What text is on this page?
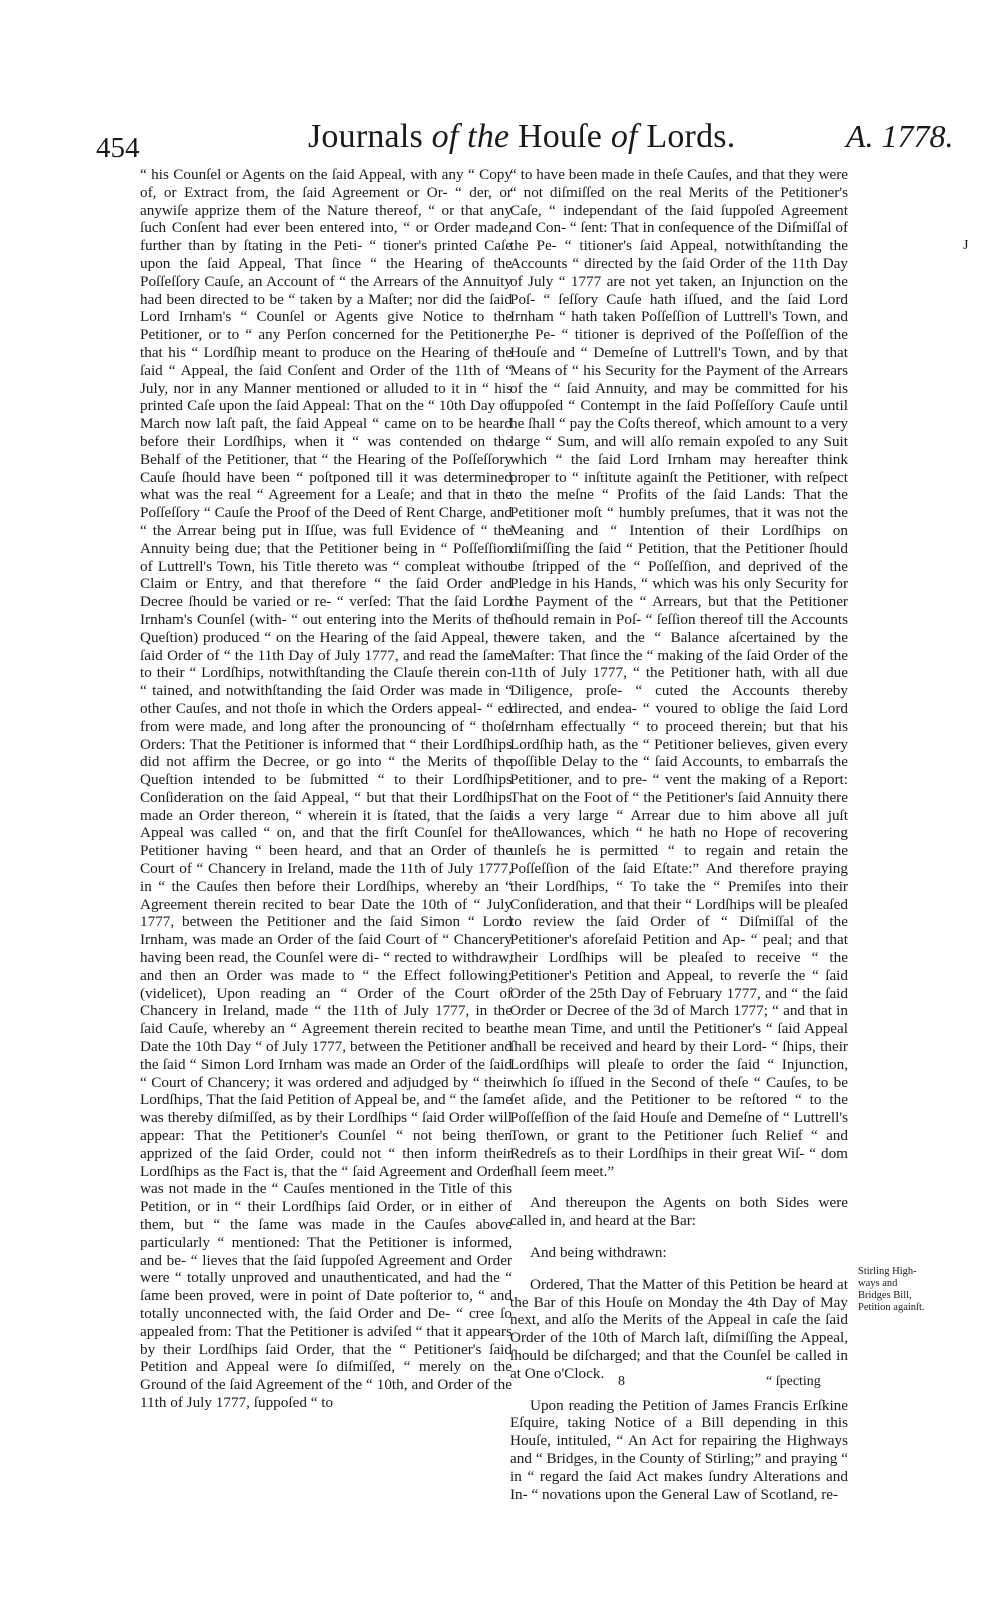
454	Journals of the Houſe of Lords.	A. 1778.
J

“ his Counſel or Agents on the ſaid Appeal, with any “ Copy of, or Extract from, the ſaid Agreement or Or- “ der, or anywiſe apprize them of the Nature thereof, “ or that any ſuch Conſent had ever been entered into, “ or Order made, further than by ſtating in the Peti- “ tioner's printed Caſe upon the ſaid Appeal, That ſince “ the Hearing of the Poſſeſſory Cauſe, an Account of “ the Arrears of the Annuity had been directed to be “ taken by a Maſter; nor did the ſaid Lord Irnham's “ Counſel or Agents give Notice to the Petitioner, or to “ any Perſon concerned for the Petitioner, that his “ Lordſhip meant to produce on the Hearing of the ſaid “ Appeal, the ſaid Conſent and Order of the 11th of “ July, nor in any Manner mentioned or alluded to it in “ his printed Caſe upon the ſaid Appeal: That on the “ 10th Day of March now laſt paſt, the ſaid Appeal “ came on to be heard before their Lordſhips, when it “ was contended on the Behalf of the Petitioner, that “ the Hearing of the Poſſeſſory Cauſe ſhould have been “ poſtponed till it was determined what was the real “ Agreement for a Leaſe; and that in the Poſſeſſory “ Cauſe the Proof of the Deed of Rent Charge, and “ the Arrear being put in Iſſue, was full Evidence of “ the Annuity being due; that the Petitioner being in “ Poſſeſſion of Luttrell's Town, his Title thereto was “ compleat without Claim or Entry, and that therefore “ the ſaid Order and Decree ſhould be varied or re- “ verſed: That the ſaid Lord Irnham's Counſel (with- “ out entering into the Merits of the Queſtion) produced “ on the Hearing of the ſaid Appeal, the ſaid Order of “ the 11th Day of July 1777, and read the ſame to their “ Lordſhips, notwithſtanding the Clauſe therein con- “ tained, and notwithſtanding the ſaid Order was made in “ other Cauſes, and not thoſe in which the Orders appeal- “ ed from were made, and long after the pronouncing of “ thoſe Orders: That the Petitioner is informed that “ their Lordſhips did not affirm the Decree, or go into “ the Merits of the Queſtion intended to be ſubmitted “ to their Lordſhips Conſideration on the ſaid Appeal, “ but that their Lordſhips made an Order thereon, “ wherein it is ſtated, that the ſaid Appeal was called “ on, and that the firſt Counſel for the Petitioner having “ been heard, and that an Order of the Court of “ Chancery in Ireland, made the 11th of July 1777, in “ the Cauſes then before their Lordſhips, whereby an “ Agreement therein recited to bear Date the 10th of “ July 1777, between the Petitioner and the ſaid Simon “ Lord Irnham, was made an Order of the ſaid Court of “ Chancery having been read, the Counſel were di- “ rected to withdraw, and then an Order was made to “ the Effect following; (videlicet), Upon reading an “ Order of the Court of Chancery in Ireland, made “ the 11th of July 1777, in the ſaid Cauſe, whereby an “ Agreement therein recited to bear Date the 10th Day “ of July 1777, between the Petitioner and the ſaid “ Simon Lord Irnham was made an Order of the ſaid “ Court of Chancery; it was ordered and adjudged by “ their Lordſhips, That the ſaid Petition of Appeal be, and “ the ſame was thereby diſmiſſed, as by their Lordſhips “ ſaid Order will appear: That the Petitioner's Counſel “ not being then apprized of the ſaid Order, could not “ then inform their Lordſhips as the Fact is, that the “ ſaid Agreement and Order was not made in the “ Cauſes mentioned in the Title of this Petition, or in “ their Lordſhips ſaid Order, or in either of them, but “ the ſame was made in the Cauſes above particularly “ mentioned: That the Petitioner is informed, and be- “ lieves that the ſaid ſuppoſed Agreement and Order were “ totally unproved and unauthenticated, and had the “ ſame been proved, were in point of Date poſterior to, “ and totally unconnected with, the ſaid Order and De- “ cree ſo appealed from: That the Petitioner is adviſed “ that it appears by their Lordſhips ſaid Order, that the “ Petitioner's ſaid Petition and Appeal were ſo diſmiſſed, “ merely on the Ground of the ſaid Agreement of the “ 10th, and Order of the 11th of July 1777, ſuppoſed “ to

“ to have been made in theſe Cauſes, and that they were “ not diſmiſſed on the real Merits of the Petitioner's Caſe, “ independant of the ſaid ſuppoſed Agreement and Con- “ ſent: That in conſequence of the Diſmiſſal of the Pe- “ titioner's ſaid Appeal, notwithſtanding the Accounts “ directed by the ſaid Order of the 11th Day of July “ 1777 are not yet taken, an Injunction on the Poſ- “ ſeſſory Cauſe hath iſſued, and the ſaid Lord Irnham “ hath taken Poſſeſſion of Luttrell's Town, and the Pe- “ titioner is deprived of the Poſſeſſion of the Houſe and “ Demeſne of Luttrell's Town, and by that Means of “ his Security for the Payment of the Arrears of the “ ſaid Annuity, and may be committed for his ſuppoſed “ Contempt in the ſaid Poſſeſſory Cauſe until he ſhall “ pay the Coſts thereof, which amount to a very large “ Sum, and will alſo remain expoſed to any Suit which “ the ſaid Lord Irnham may hereafter think proper to “ inſtitute againſt the Petitioner, with reſpect to the meſne “ Profits of the ſaid Lands: That the Petitioner moſt “ humbly preſumes, that it was not the Meaning and “ Intention of their Lordſhips on diſmiſſing the ſaid “ Petition, that the Petitioner ſhould be ſtripped of the “ Poſſeſſion, and deprived of the Pledge in his Hands, “ which was his only Security for the Payment of the “ Arrears, but that the Petitioner ſhould remain in Poſ- “ ſeſſion thereof till the Accounts were taken, and the “ Balance aſcertained by the Maſter: That ſince the “ making of the ſaid Order of the 11th of July 1777, “ the Petitioner hath, with all due Diligence, proſe- “ cuted the Accounts thereby directed, and endea- “ voured to oblige the ſaid Lord Irnham effectually “ to proceed therein; but that his Lordſhip hath, as the “ Petitioner believes, given every poſſible Delay to the “ ſaid Accounts, to embarraſs the Petitioner, and to pre- “ vent the making of a Report: That on the Foot of “ the Petitioner's ſaid Annuity there is a very large “ Arrear due to him above all juſt Allowances, which “ he hath no Hope of recovering unleſs he is permitted “ to regain and retain the Poſſeſſion of the ſaid Eſtate:” And therefore praying their Lordſhips, “ To take the “ Premiſes into their Conſideration, and that their “ Lordſhips will be pleaſed to review the ſaid Order of “ Diſmiſſal of the Petitioner's aforeſaid Petition and Ap- “ peal; and that their Lordſhips will be pleaſed to receive “ the Petitioner's Petition and Appeal, to reverſe the “ ſaid Order of the 25th Day of February 1777, and “ the ſaid Order or Decree of the 3d of March 1777; “ and that in the mean Time, and until the Petitioner's “ ſaid Appeal ſhall be received and heard by their Lord- “ ſhips, their Lordſhips will pleaſe to order the ſaid “ Injunction, which ſo iſſued in the Second of theſe “ Cauſes, to be ſet aſide, and the Petitioner to be reſtored “ to the Poſſeſſion of the ſaid Houſe and Demeſne of “ Luttrell's Town, or grant to the Petitioner ſuch Relief “ and Redreſs as to their Lordſhips in their great Wiſ- “ dom ſhall ſeem meet.”

And thereupon the Agents on both Sides were called in, and heard at the Bar:

And being withdrawn:

Ordered, That the Matter of this Petition be heard at the Bar of this Houſe on Monday the 4th Day of May next, and alſo the Merits of the Appeal in caſe the ſaid Order of the 10th of March laſt, diſmiſſing the Appeal, ſhould be diſcharged; and that the Counſel be called in at One o'Clock.

Upon reading the Petition of James Francis Erſkine Eſquire, taking Notice of a Bill depending in this Houſe, intituled, “ An Act for repairing the Highways and “ Bridges, in the County of Stirling;” and praying “ in “ regard the ſaid Act makes ſundry Alterations and In- “ novations upon the General Law of Scotland, re-

Stirling High-ways and Bridges Bill, Petition againſt.
8	“ ſpecting
